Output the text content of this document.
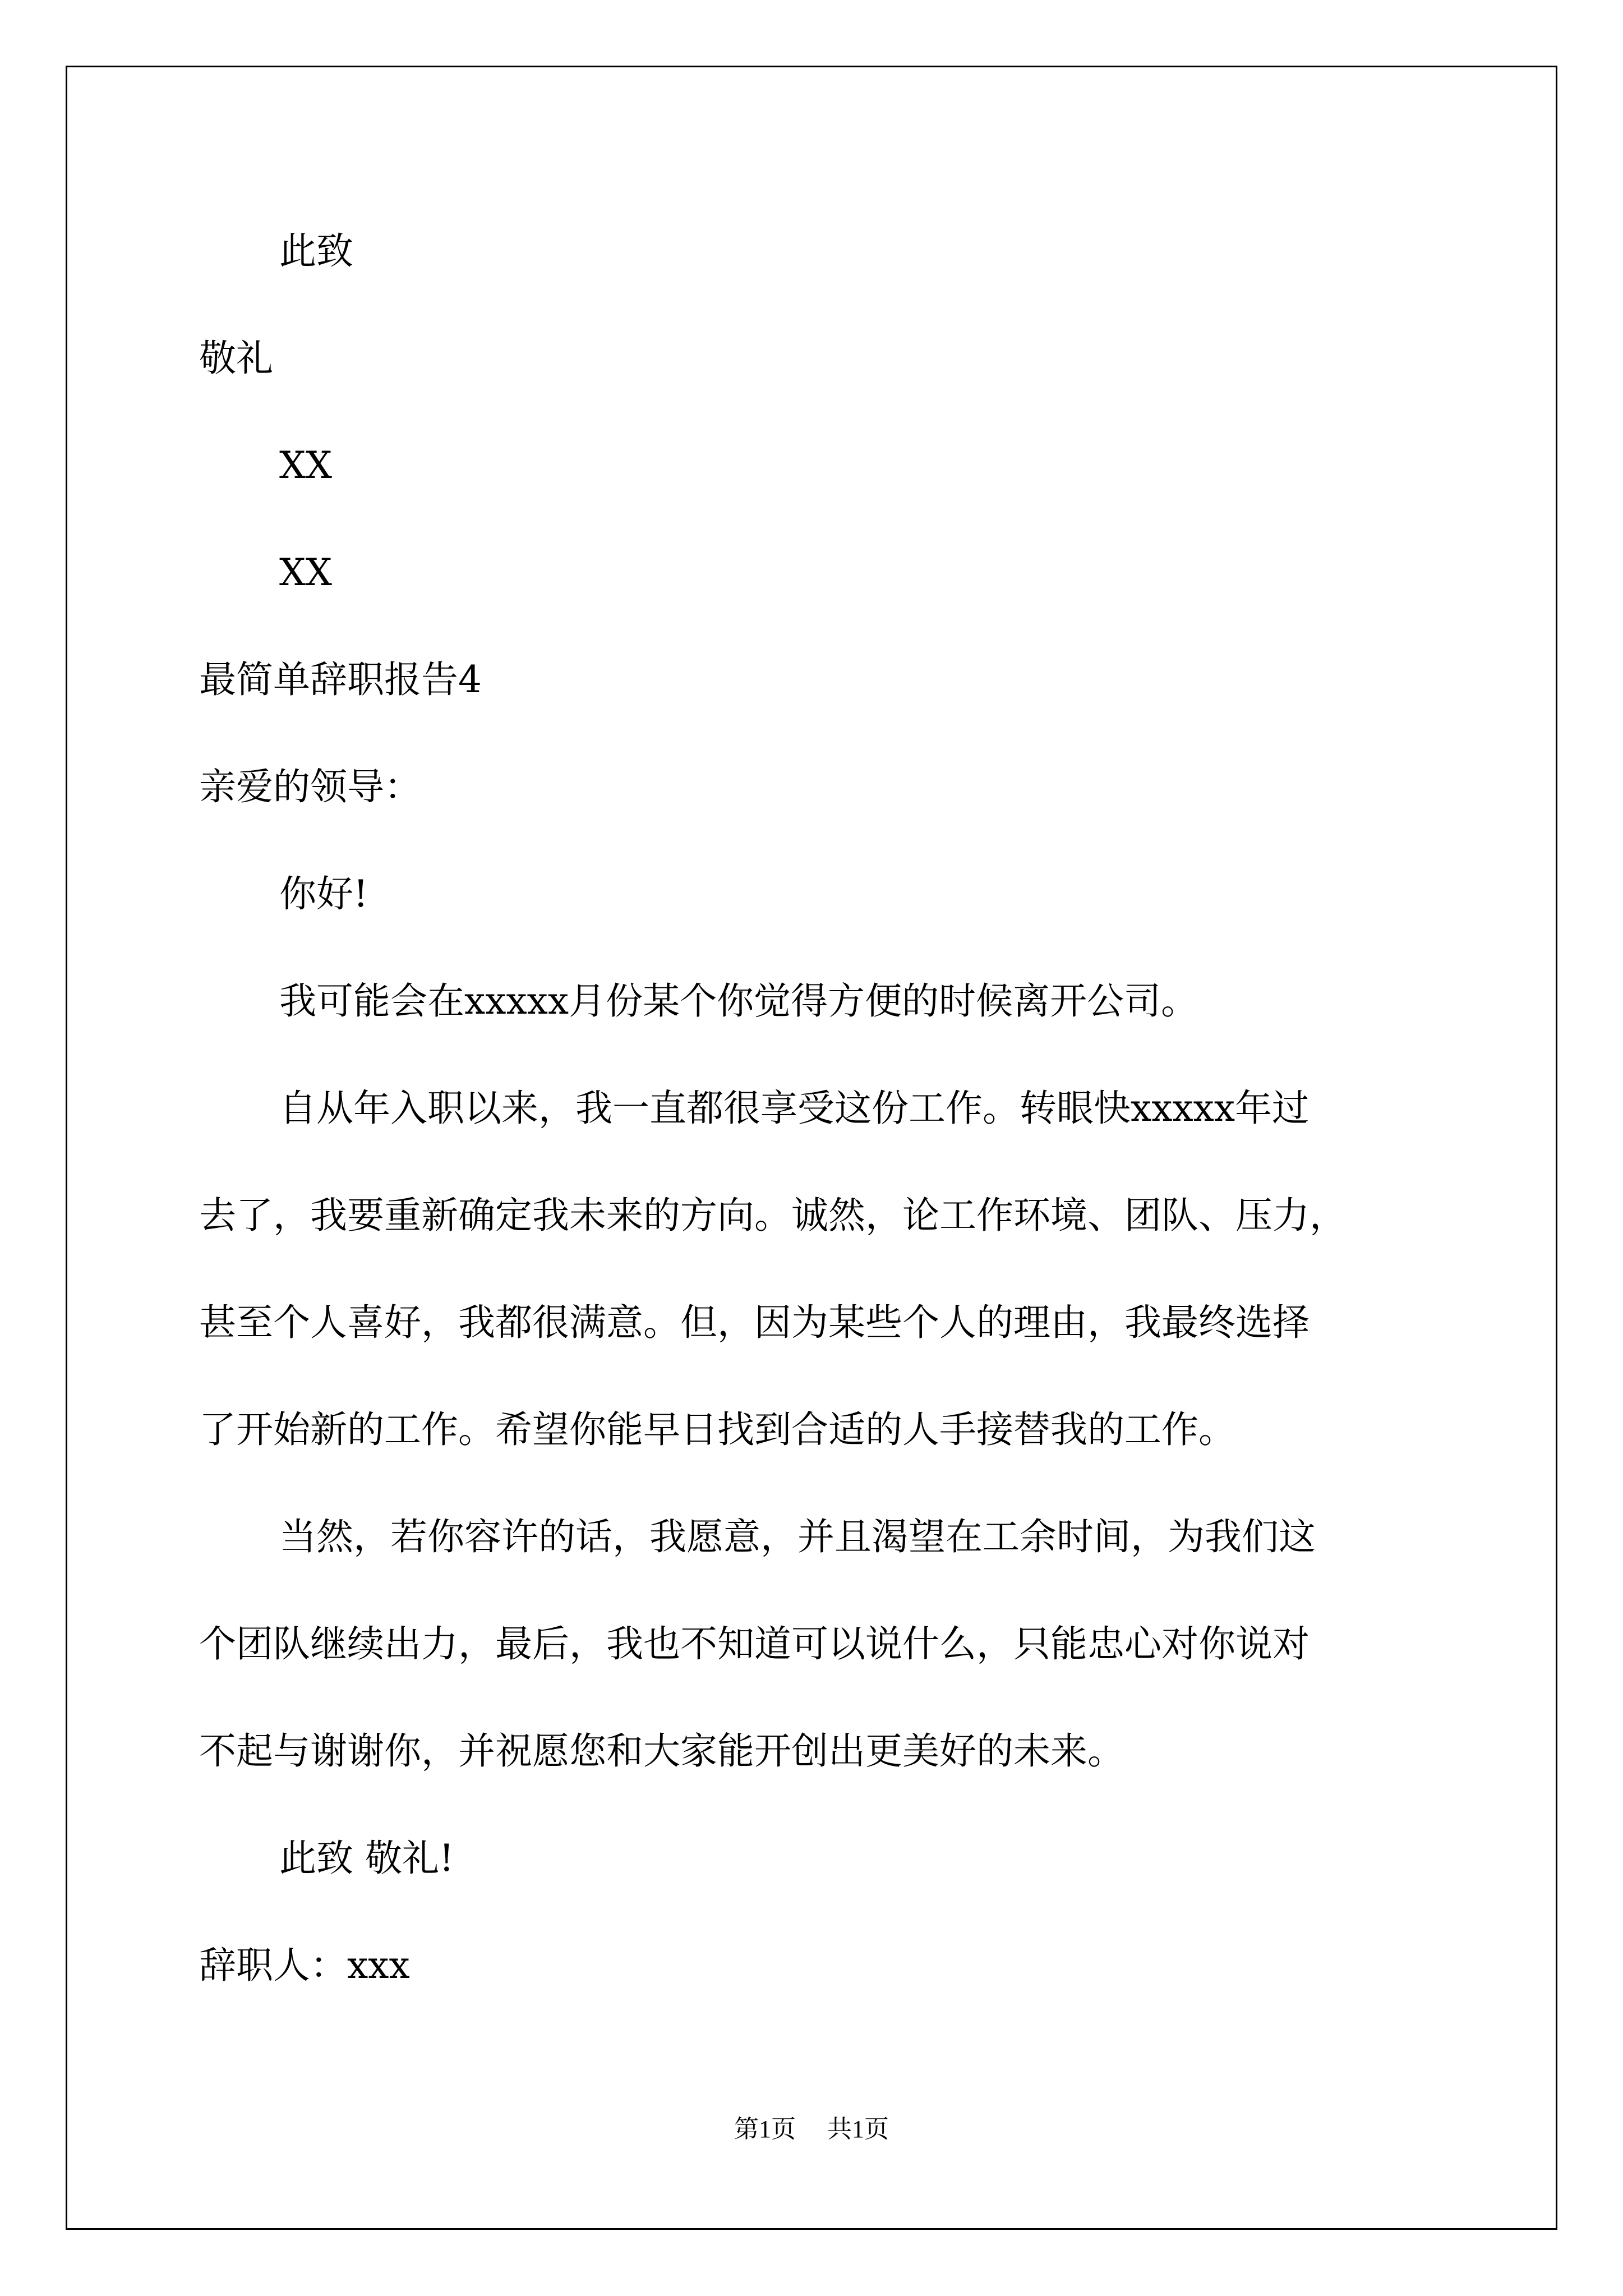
此致

敬礼

XX

XX

最简单辞职报告4

亲爱的领导：

你好!

我可能会在xxxxx月份某个你觉得方便的时候离开公司。

自从年入职以来，我一直都很享受这份工作。转眼快xxxxx年过

去了，我要重新确定我未来的方向。诚然，论工作环境、团队、压力，

甚至个人喜好，我都很满意。但，因为某些个人的理由，我最终选择

了开始新的工作。希望你能早日找到合适的人手接替我的工作。

当然，若你容许的话，我愿意，并且渴望在工余时间，为我们这

个团队继续出力，最后，我也不知道可以说什么，只能忠心对你说对

不起与谢谢你，并祝愿您和大家能开创出更美好的未来。

此致 敬礼!

辞职人：xxx

第1页 共1页
